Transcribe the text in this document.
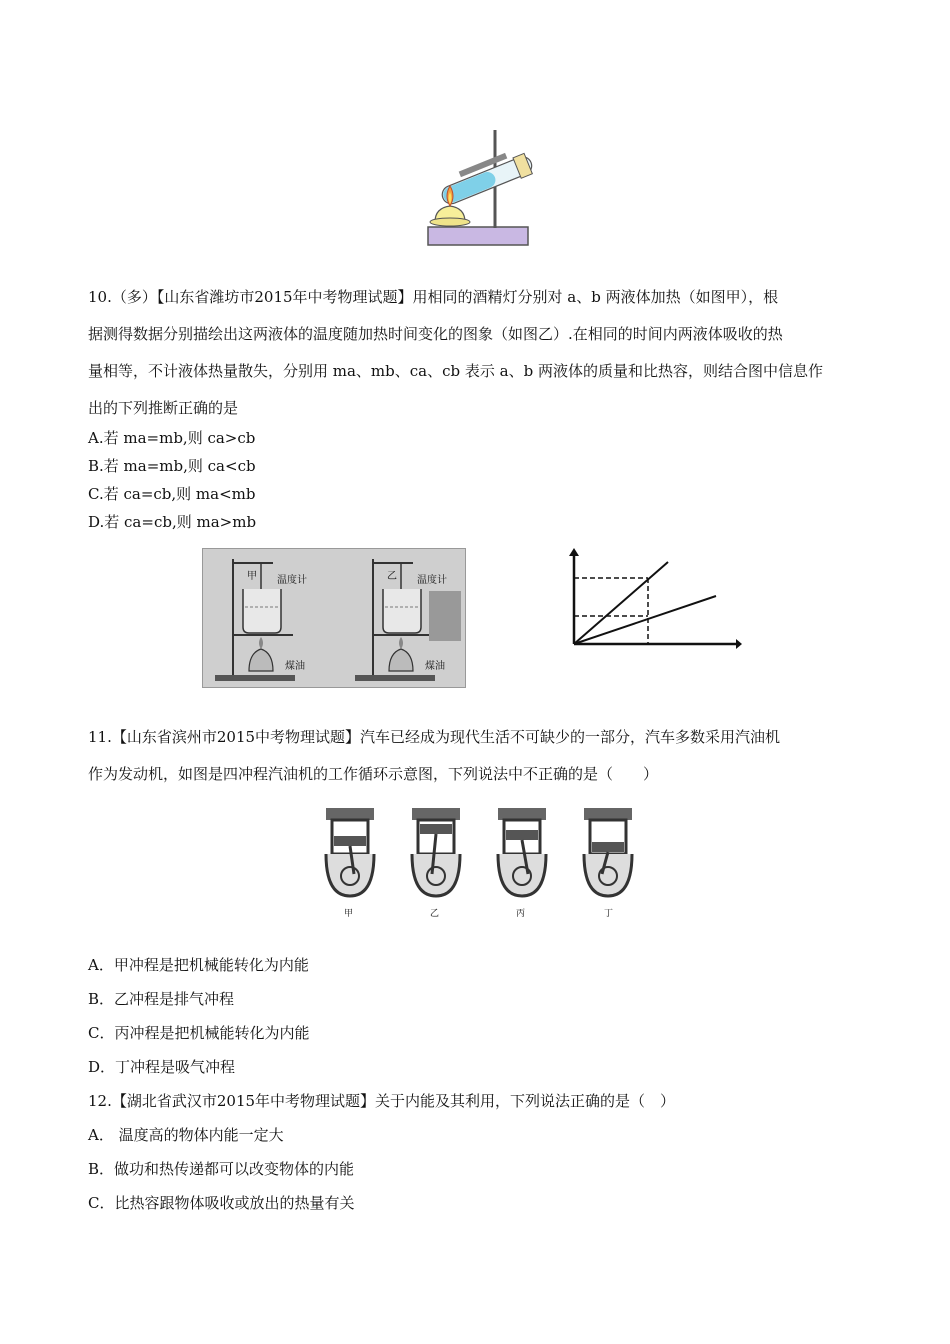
10.（多）【山东省潍坊市2015年中考物理试题】用相同的酒精灯分别对 a、b 两液体加热（如图甲），根
据测得数据分别描绘出这两液体的温度随加热时间变化的图象（如图乙）.在相同的时间内两液体吸收的热
量相等，不计液体热量散失，分别用 ma、mb、ca、cb 表示 a、b 两液体的质量和比热容，则结合图中信息作
出的下列推断正确的是
A.若 ma=mb,则 ca>cb
B.若 ma=mb,则 ca<cb
C.若 ca=cb,则 ma<mb
D.若 ca=cb,则 ma>mb
甲 温度计
煤油
乙 温度计
煤油
11.【山东省滨州市2015中考物理试题】汽车已经成为现代生活不可缺少的一部分，汽车多数采用汽油机
作为发动机，如图是四冲程汽油机的工作循环示意图，下列说法中不正确的是（　　）
甲	乙	丙	丁
A．甲冲程是把机械能转化为内能
B．乙冲程是排气冲程
C．丙冲程是把机械能转化为内能
D．丁冲程是吸气冲程
12.【湖北省武汉市2015年中考物理试题】关于内能及其利用，下列说法正确的是（　）
A． 温度高的物体内能一定大
B．做功和热传递都可以改变物体的内能
C．比热容跟物体吸收或放出的热量有关
